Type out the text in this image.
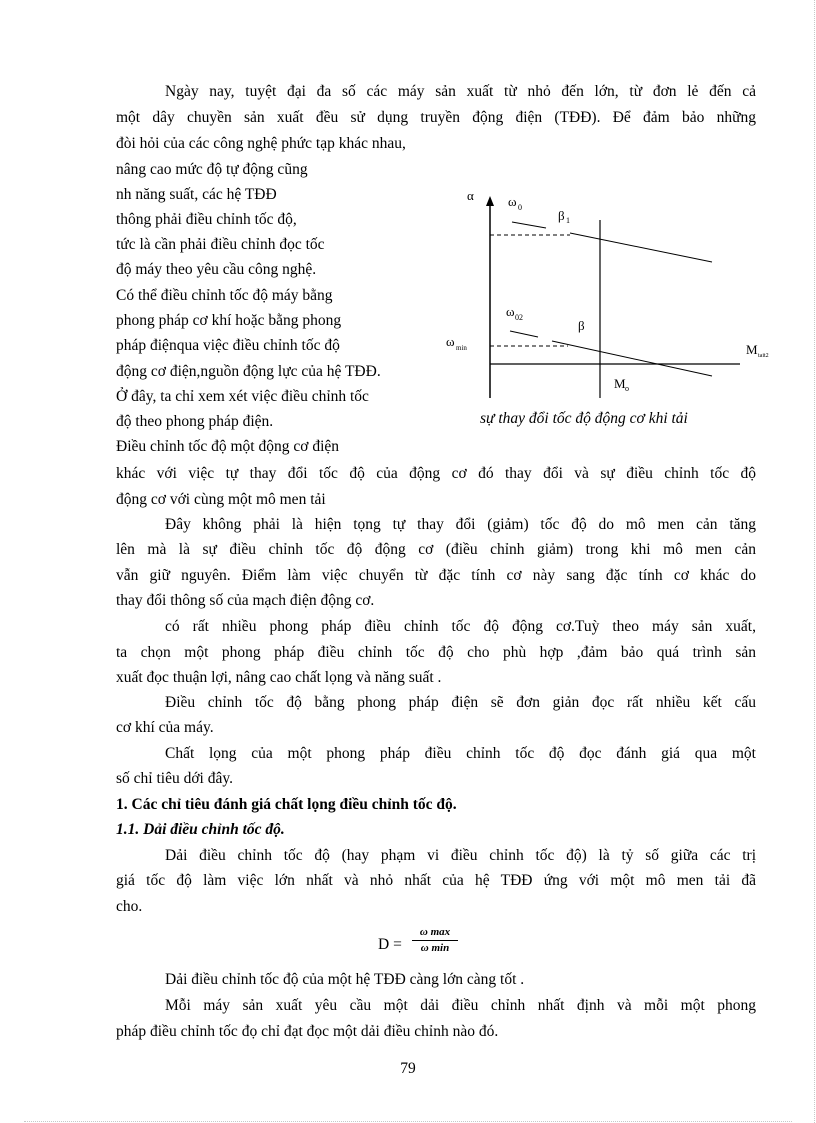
Ngày nay, tuyệt đại đa số các máy sản xuất từ nhỏ đến lớn, từ đơn lẻ đến cả

một dây chuyền sản xuất đều sử dụng truyền động điện (TĐĐ). Để đảm bảo những

đòi hỏi của các công nghệ phức tạp khác nhau,

nâng cao mức độ tự động cũng

nh năng suất, các hệ TĐĐ

thông phải điều chỉnh tốc độ,

tức là cần phải điều chỉnh đọc tốc

độ máy theo yêu cầu công nghệ.

Có thể điều chỉnh tốc độ máy bằng

phong pháp cơ khí hoặc bằng phong

pháp điệnqua việc điều chỉnh tốc độ

động cơ điện,nguồn động lực của hệ TĐĐ.

Ở đây, ta chỉ xem xét việc điều chỉnh tốc

độ theo phong pháp điện.

Điều chỉnh tốc độ một động cơ điện

khác với việc tự thay đổi tốc độ của động cơ đó thay đổi và sự điều chỉnh tốc độ

động cơ với cùng một mô men tải

Đây không phải là hiện tọng tự thay đổi (giảm) tốc độ do mô men cản tăng

lên mà là sự điều chỉnh tốc độ động cơ (điều chỉnh giảm) trong khi mô men cản

vẫn giữ nguyên. Điểm làm việc chuyển từ đặc tính cơ này sang đặc tính cơ khác do

thay đổi thông số của mạch điện động cơ.

có rất nhiều phong pháp điều chỉnh tốc độ động cơ.Tuỳ theo máy sản xuất,

ta chọn một phong pháp điều chỉnh tốc độ cho phù hợp ,đảm bảo quá trình sản

xuất đọc thuận lợi, nâng cao chất lọng và năng suất .

Điều chỉnh tốc độ bằng phong pháp điện sẽ đơn giản đọc rất nhiều kết cấu

cơ khí của máy.

Chất lọng của một phong pháp điều chỉnh tốc độ đọc đánh giá qua một

số chỉ tiêu dới đây.

1. Các chỉ tiêu đánh giá chất lọng điều chỉnh tốc độ.

1.1. Dải điều chỉnh tốc độ.

Dải điều chỉnh tốc độ (hay phạm vi điều chỉnh tốc độ) là tỷ số giữa các trị

giá tốc độ làm việc lớn nhất và nhỏ nhất của hệ TĐĐ ứng với một mô men tải đã

cho.

Dải điều chỉnh tốc độ của một hệ TĐĐ càng lớn càng tốt .

Mỗi máy sản xuất yêu cầu một dải điều chỉnh nhất định và mỗi một phong

pháp điều chỉnh tốc đọ chỉ đạt đọc một dải điều chỉnh nào đó.

D =
ω max
ω min
α	ω 0
β 1
ω 02
β
ω min	M tait2
M o
sự thay đổi tốc độ động cơ khi tải
79
